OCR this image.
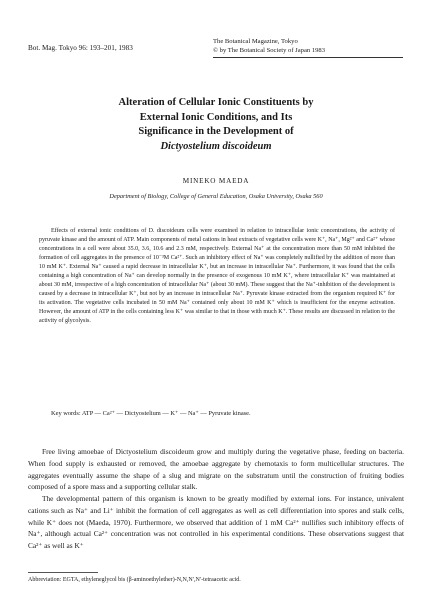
Bot. Mag. Tokyo 96: 193–201, 1983
The Botanical Magazine, Tokyo
© by The Botanical Society of Japan 1983
Alteration of Cellular Ionic Constituents by
External Ionic Conditions, and Its
Significance in the Development of
Dictyostelium discoideum
MINEKO MAEDA
Department of Biology, College of General Education, Osaka University, Osaka 560

Effects of external ionic conditions of D. discoideum cells were examined in relation to intracellular ionic concentrations, the activity of pyruvate kinase and the amount of ATP. Main components of metal cations in heat extracts of vegetative cells were K⁺, Na⁺, Mg²⁺ and Ca²⁺ whose concentrations in a cell were about 35.0, 3.6, 10.6 and 2.3 mM, respectively. External Na⁺ at the concentration more than 50 mM inhibited the formation of cell aggregates in the presence of 10⁻³M Ca²⁺. Such an inhibitory effect of Na⁺ was completely nullified by the addition of more than 10 mM K⁺. External Na⁺ caused a rapid decrease in intracellular K⁺, but an increase in intracellular Na⁺. Furthermore, it was found that the cells containing a high concentration of Na⁺ can develop normally in the presence of exogenous 10 mM K⁺, where intracellular K⁺ was maintained at about 30 mM, irrespective of a high concentration of intracellular Na⁺ (about 30 mM). These suggest that the Na⁺-inhibition of the development is caused by a decrease in intracellular K⁺, but not by an increase in intracellular Na⁺. Pyruvate kinase extracted from the organism required K⁺ for its activation. The vegetative cells incubated in 50 mM Na⁺ contained only about 10 mM K⁺ which is insufficient for the enzyme activation. However, the amount of ATP in the cells containing less K⁺ was similar to that in those with much K⁺. These results are discussed in relation to the activity of glycolysis.

Key words: ATP — Ca²⁺ — Dictyostelium — K⁺ — Na⁺ — Pyruvate kinase.

Free living amoebae of Dictyostelium discoideum grow and multiply during the vegetative phase, feeding on bacteria. When food supply is exhausted or removed, the amoebae aggregate by chemotaxis to form multicellular structures. The aggregates eventually assume the shape of a slug and migrate on the substratum until the construction of fruiting bodies composed of a spore mass and a supporting cellular stalk.

The developmental pattern of this organism is known to be greatly modified by external ions. For instance, univalent cations such as Na⁺ and Li⁺ inhibit the formation of cell aggregates as well as cell differentiation into spores and stalk cells, while K⁺ does not (Maeda, 1970). Furthermore, we observed that addition of 1 mM Ca²⁺ nullifies such inhibitory effects of Na⁺, although actual Ca²⁺ concentration was not controlled in his experimental conditions. These observations suggest that Ca²⁺ as well as K⁺

Abbreviation: EGTA, ethyleneglycol bis (β-aminoethylether)-N,N,N′,N′-tetraacetic acid.
